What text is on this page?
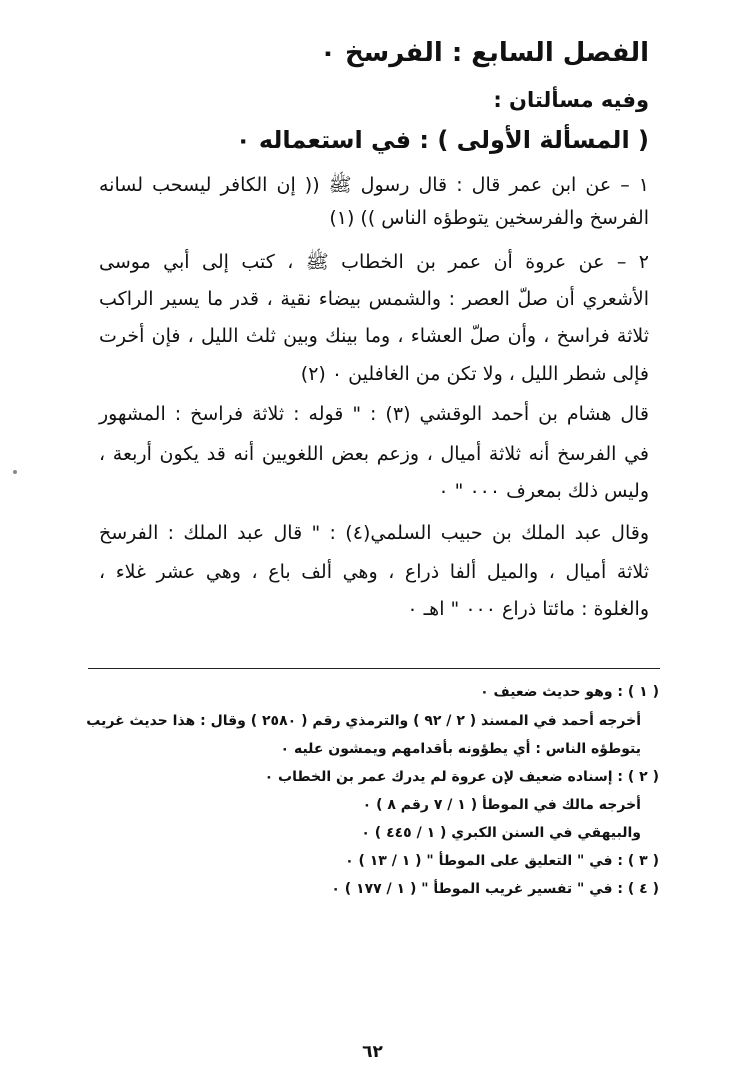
الفصل السابع : الفرسخ ٠
وفيه مسألتان :
( المسألة الأولى ) : في استعماله ٠
١ – عن ابن عمر قال : قال رسول ﷺ (( إن الكافر ليسحب لسانه
الفرسخ والفرسخين يتوطؤه الناس )) (١)
٢ – عن عروة أن عمر بن الخطاب ﷺ ، كتب إلى أبي موسى
الأشعري أن صلّ العصر : والشمس بيضاء نقية ، قدر ما يسير الراكب
ثلاثة فراسخ ، وأن صلّ العشاء ، وما بينك وبين ثلث الليل ، فإن أخرت
فإلى شطر الليل ، ولا تكن من الغافلين ٠ (٢)
قال هشام بن أحمد الوقشي (٣) : " قوله : ثلاثة فراسخ : المشهور
في الفرسخ أنه ثلاثة أميال ، وزعم بعض اللغويين أنه قد يكون أربعة ،
وليس ذلك بمعرف ٠٠٠ " ٠
وقال عبد الملك بن حبيب السلمي(٤) : " قال عبد الملك : الفرسخ
ثلاثة أميال ، والميل ألفا ذراع ، وهي ألف باع ، وهي عشر غلاء ،
والغلوة : مائتا ذراع ٠٠٠ " اهـ ٠
( ١ ) : وهو حديث ضعيف ٠
أخرجه أحمد في المسند ( ٢ / ٩٢ ) والترمذي رقم ( ٢٥٨٠ ) وقال : هذا حديث غريب
يتوطؤه الناس : أي يطؤونه بأقدامهم ويمشون عليه ٠
( ٢ ) : إسناده ضعيف لإن عروة لم يدرك عمر بن الخطاب ٠
أخرجه مالك في الموطأ ( ١ / ٧ رقم ٨ ) ٠
والبيهقي في السنن الكبري ( ١ / ٤٤٥ ) ٠
( ٣ ) : في " التعليق على الموطأ " ( ١ / ١٣ ) ٠
( ٤ ) : في " تفسير غريب الموطأ " ( ١ / ١٧٧ ) ٠
٦٢
